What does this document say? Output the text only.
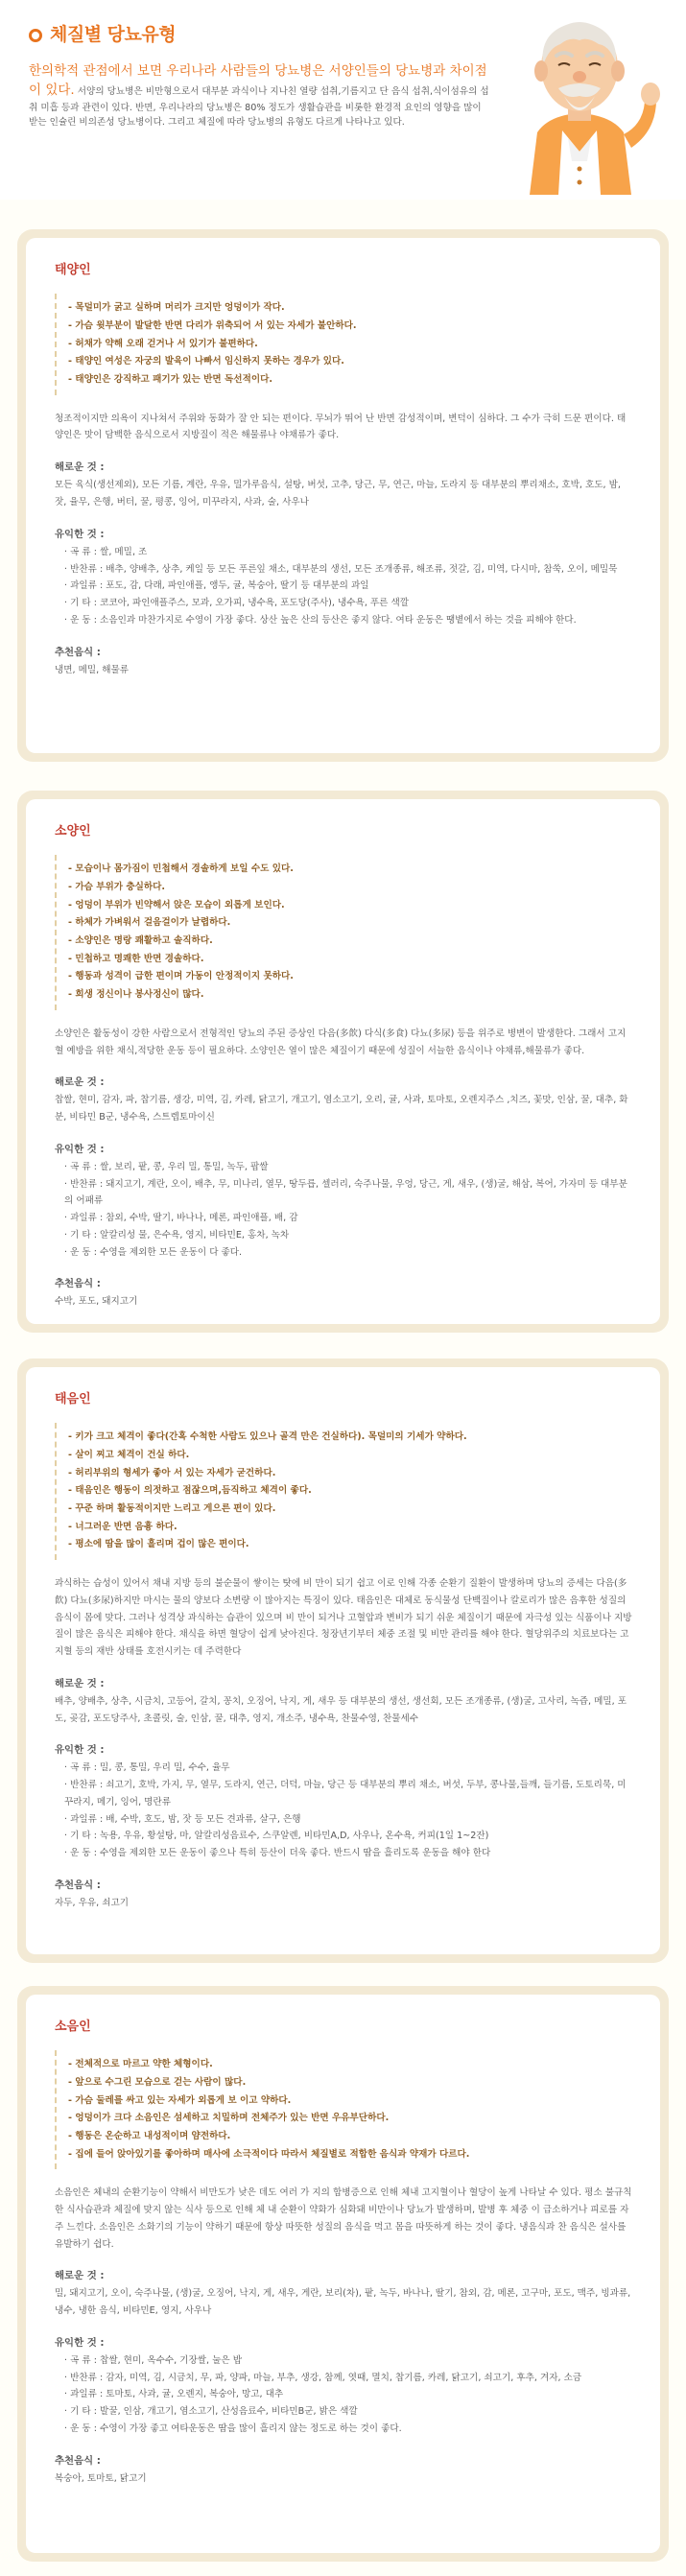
체질별 당뇨유형
한의학적 관점에서 보면 우리나라 사람들의 당뇨병은 서양인들의 당뇨병과 차이점이 있다. 서양의 당뇨병은 비만형으로서 대부분 과식이나 지나친 열량 섭취,기름지고 단 음식 섭취,식이섬유의 섭취 미흡 등과 관련이 있다. 반면, 우리나라의 당뇨병은 80% 정도가 생활습관을 비롯한 환경적 요인의 영향을 많이 받는 인슐린 비의존성 당뇨병이다. 그리고 체질에 따라 당뇨병의 유형도 다르게 나타나고 있다.
태양인
- 목덜미가 굵고 실하며 머리가 크지만 엉덩이가 작다.
- 가슴 윗부분이 발달한 반면 다리가 위축되어 서 있는 자세가 불안하다.
- 허채가 약해 오래 걷거나 서 있기가 불편하다.
- 태양인 여성은 자궁의 발육이 나빠서 임신하지 못하는 경우가 있다.
- 태양인은 강직하고 패기가 있는 반면 독선적이다.

청조적이지만 의욕이 지나쳐서 주위와 동화가 잘 안 되는 편이다. 무뇌가 뛰어 난 반면 감성적이며, 변덕이 심하다. 그 수가 극히 드문 편이다. 태양인은 맛이 담백한 음식으로서 지방질이 적은 해물류나 야채류가 좋다.

해로운 것 :

모든 육식(생선제외), 모든 기름, 계란, 우유, 밀가루음식, 설탕, 버섯, 고추, 당근, 무, 연근, 마늘, 도라지 등 대부분의 뿌리채소, 호박, 호도, 밤, 잣, 율무, 은행, 버터, 꿀, 평콩, 잉어, 미꾸라지, 사과, 술, 사우나

유익한 것 :
· 곡 류 : 쌀, 메밀, 조
· 반찬류 : 배추, 양배추, 상추, 케일 등 모든 푸른잎 채소, 대부분의 생선, 모든 조개종류, 해조류, 젓갈, 김, 미역, 다시마, 참쑥, 오이, 메밀묵
· 과일류 : 포도, 감, 다래, 파인애플, 앵두, 귤, 복숭아, 딸기 등 대부분의 과일
· 기 타 : 코코아, 파인애플주스, 모과, 오가피, 냉수욕, 포도당(주사), 냉수욕, 푸른 색깔
· 운 동 : 소음인과 마찬가지로 수영이 가장 좋다. 상산 높은 산의 등산은 좋지 않다. 여타 운동은 땡볕에서 하는 것을 피해야 한다.
추천음식 :

냉면, 메밀, 해물류

소양인
- 모습이나 몸가짐이 민첩해서 경솔하게 보일 수도 있다.
- 가슴 부위가 충실하다.
- 엉덩이 부위가 빈약해서 앉은 모습이 외롭게 보인다.
- 하체가 가벼워서 걸음걸이가 날렵하다.
- 소양인은 명랑 쾌활하고 솔직하다.
- 민첩하고 명쾌한 반면 경솔하다.
- 행동과 성격이 급한 편이며 가동이 안정적이지 못하다.
- 희생 정신이나 봉사정신이 많다.

소양인은 활동성이 강한 사람으로서 전형적인 당뇨의 주된 증상인 다음(多飮) 다식(多食) 다뇨(多尿) 등을 위주로 병변이 발생한다. 그래서 고지혈 예방을 위한 채식,적당한 운동 등이 필요하다. 소양인은 열이 많은 체질이기 때문에 성질이 서늘한 음식이나 야채류,해물류가 좋다.

해로운 것 :

찹쌀, 현미, 감자, 파, 찹기름, 생강, 미역, 김, 카레, 닭고기, 개고기, 염소고기, 오리, 귤, 사과, 토마토, 오렌지주스 ,치즈, 꽃맛, 인삼, 꿀, 대추, 화분, 비타민 B군, 냉수욕, 스트렙토마이신

유익한 것 :
· 곡 류 : 쌀, 보리, 팥, 콩, 우리 밀, 통밀, 녹두, 팝쌀
· 반찬류 : 돼지고기, 계란, 오이, 배추, 무, 미나리, 열무, 땅두릅, 셀러리, 숙주나물, 우엉, 당근, 게, 새우, (생)굴, 해삼, 복어, 가자미 등 대부분의 어패류
· 과일류 : 참외, 수박, 딸기, 바나나, 메론, 파인애플, 배, 감
· 기 타 : 알칼리성 물, 은수욕, 영지, 비타민E, 홍차, 녹차
· 운 동 : 수영을 제외한 모든 운동이 다 좋다.
추천음식 :

수박, 포도, 돼지고기

태음인
- 키가 크고 체격이 좋다(간혹 수척한 사람도 있으나 골격 만은 건실하다). 목덜미의 기세가 약하다.
- 살이 찌고 체격이 건실 하다.
- 허리부위의 형세가 좋아 서 있는 자세가 굳건하다.
- 태음인은 행동이 의젓하고 점잖으며,듬직하고 체격이 좋다.
- 꾸준 하며 활동적이지만 느리고 게으른 편이 있다.
- 너그러운 반면 음흉 하다.
- 평소에 땀을 많이 흘리며 겁이 많은 편이다.

과식하는 습성이 있어서 채내 지방 등의 불순물이 쌓이는 탓에 비 만이 되기 쉽고 이로 인해 각종 순환기 질환이 발생하며 당뇨의 증세는 다음(多飮) 다뇨(多尿)하지만 마시는 물의 양보다 소변량 이 많아지는 특징이 있다. 태음인은 대체로 동식물성 단백질이나 칼로리가 많은 음후한 성질의 음식이 몸에 맞다. 그러나 성격상 과식하는 습관이 있으며 비 만이 되거나 고혈압과 변비가 되기 쉬운 체질이기 때문에 자극성 있는 식품이나 지방질이 많은 음식은 피해야 한다. 채식을 하면 혈당이 쉽게 낮아진다. 청장년기부터 체중 조절 및 비만 관리를 해야 한다. 혈당위주의 치료보다는 고지혈 등의 재반 상태를 호전시키는 데 주력한다

해로운 것 :

배추, 양배추, 상추, 시금치, 고등어, 갈치, 꽁치, 오징어, 낙지, 게, 새우 등 대부분의 생선, 생선회, 모든 조개종류, (생)굴, 고사리, 녹즙, 메밀, 포도, 곶감, 포도당주사, 초콜릿, 술, 인삼, 꿀, 대추, 영지, 개소주, 냉수욕, 찬물수영, 찬물세수

유익한 것 :
· 곡 류 : 밀, 콩, 통밀, 우리 밀, 수수, 율무
· 반찬류 : 쇠고기, 호박, 가지, 무, 열무, 도라지, 연근, 더덕, 마늘, 당근 등 대부분의 뿌리 채소, 버섯, 두부, 콩나물,들깨, 들기름, 도토리묵, 미꾸라지, 메기, 잉어, 명란류
· 과일류 : 배, 수박, 호도, 밤, 잣 등 모든 견과류, 살구, 은행
· 기 타 : 녹용, 우유, 황설탕, 마, 알칼리성음료수, 스쿠알렌, 비타민A,D, 사우나, 온수욕, 커피(1일 1~2잔)
· 운 동 : 수영을 제외한 모든 운동이 좋으나 특히 등산이 더욱 좋다. 반드시 땀을 흘리도록 운동을 해야 한다
추천음식 :

자두, 우유, 쇠고기

소음인
- 전체적으로 마르고 약한 체형이다.
- 앞으로 수그린 모습으로 걷는 사람이 많다.
- 가슴 둘레를 싸고 있는 자세가 외롭게 보 이고 약하다.
- 엉덩이가 크다 소음인은 섬세하고 치밀하며 전체주가 있는 반면 우유부단하다.
- 행동은 온순하고 내성적이며 얌전하다.
- 집에 들어 앉아있기를 좋아하며 매사에 소극적이다 따라서 체질별로 적합한 음식과 약재가 다르다.

소음인은 체내의 순환기능이 약해서 비만도가 낮은 데도 여러 가 지의 합병증으로 인해 체내 고지혈이나 혈당이 높게 나타날 수 있다. 평소 불규칙한 식사습관과 체질에 맞지 않는 식사 등으로 인해 체 내 순환이 약화가 심화돼 비만이나 당뇨가 발생하며, 발병 후 체중 이 급소하거나 피로를 자주 느낀다. 소음인은 소화기의 기능이 약하기 때문에 항상 따뜻한 성질의 음식을 먹고 몸을 따뜻하게 하는 것이 좋다. 냉음식과 찬 음식은 설사를 유발하기 쉽다.

해로운 것 :

밀, 돼지고기, 오이, 숙주나물, (생)굴, 오징어, 낙지, 게, 새우, 게란, 보리(차), 팥, 녹두, 바나나, 딸기, 참외, 감, 메론, 고구마, 포도, 맥주, 빙과류, 냉수, 냉한 음식, 비타민E, 영지, 사우나

유익한 것 :
· 곡 류 : 찹쌀, 현미, 옥수수, 기장쌀, 눌은 밥
· 반찬류 : 감자, 미역, 김, 시금치, 무, 파, 양파, 마늘, 부추, 생강, 참께, 엿때, 멸치, 찹기름, 카레, 닭고기, 쇠고기, 후추, 겨자, 소금
· 과일류 : 토마토, 사과, 귤, 오렌지, 복숭아, 망고, 대추
· 기 타 : 발꿀, 인삼, 개고기, 염소고기, 산성음료수, 비타민B군, 밝은 색깔
· 운 동 : 수영이 가장 좋고 여타운동은 땀을 많이 흘리지 않는 정도로 하는 것이 좋다.
추천음식 :

복숭아, 토마토, 닭고기
